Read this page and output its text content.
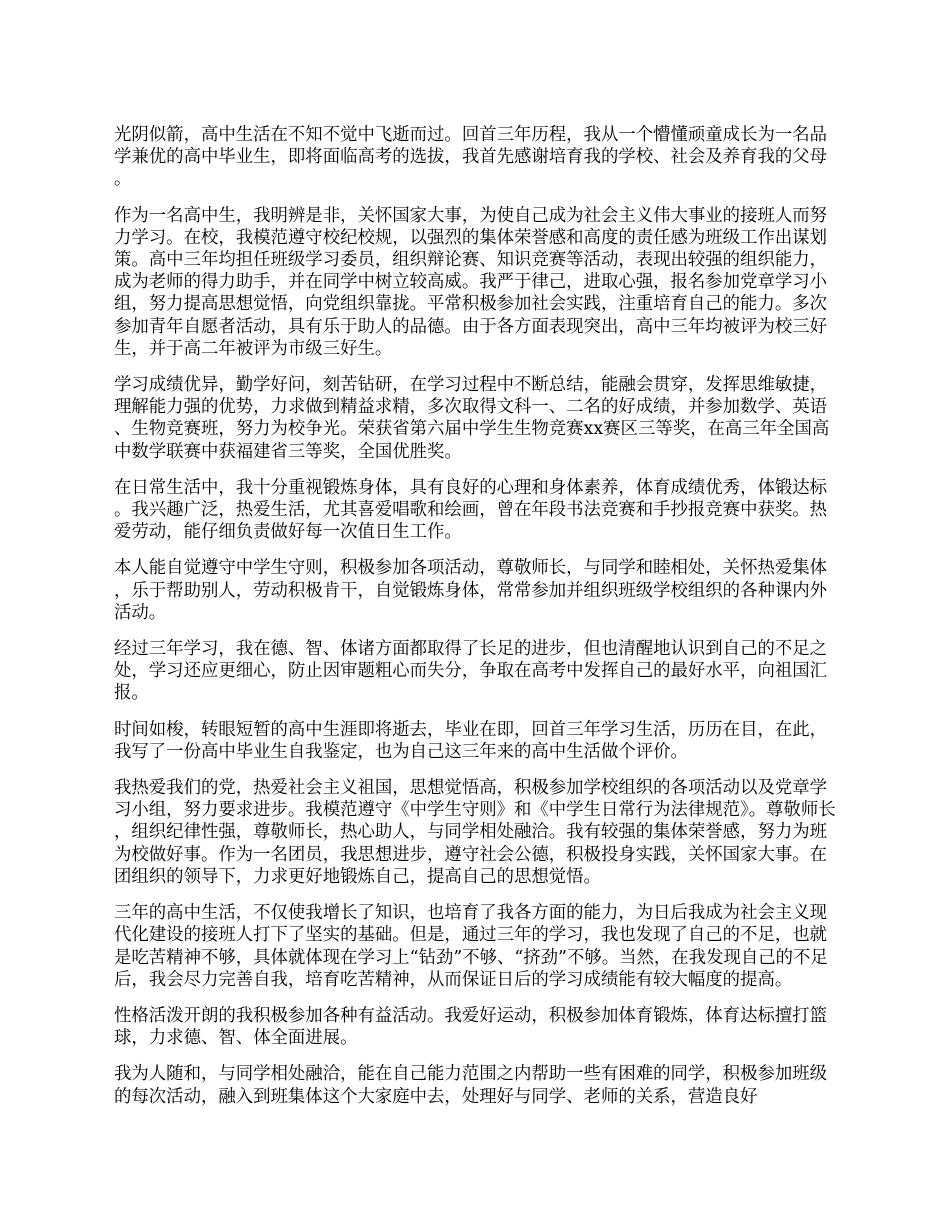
光阴似箭，高中生活在不知不觉中飞逝而过。回首三年历程，我从一个懵懂顽童成长为一名品学兼优的高中毕业生，即将面临高考的选拔，我首先感谢培育我的学校、社会及养育我的父母。

作为一名高中生，我明辨是非，关怀国家大事，为使自己成为社会主义伟大事业的接班人而努力学习。在校，我模范遵守校纪校规，以强烈的集体荣誉感和高度的责任感为班级工作出谋划策。高中三年均担任班级学习委员，组织辩论赛、知识竞赛等活动，表现出较强的组织能力，成为老师的得力助手，并在同学中树立较高威。我严于律己，进取心强，报名参加党章学习小组，努力提高思想觉悟，向党组织靠拢。平常积极参加社会实践，注重培育自己的能力。多次参加青年自愿者活动，具有乐于助人的品德。由于各方面表现突出，高中三年均被评为校三好生，并于高二年被评为市级三好生。

学习成绩优异，勤学好问，刻苦钻研，在学习过程中不断总结，能融会贯穿，发挥思维敏捷，理解能力强的优势，力求做到精益求精，多次取得文科一、二名的好成绩，并参加数学、英语、生物竞赛班，努力为校争光。荣获省第六届中学生生物竞赛xx赛区三等奖，在高三年全国高中数学联赛中获福建省三等奖，全国优胜奖。

在日常生活中，我十分重视锻炼身体，具有良好的心理和身体素养，体育成绩优秀，体锻达标。我兴趣广泛，热爱生活，尤其喜爱唱歌和绘画，曾在年段书法竞赛和手抄报竞赛中获奖。热爱劳动，能仔细负责做好每一次值日生工作。

本人能自觉遵守中学生守则，积极参加各项活动，尊敬师长，与同学和睦相处，关怀热爱集体，乐于帮助别人，劳动积极肯干，自觉锻炼身体，常常参加并组织班级学校组织的各种课内外活动。

经过三年学习，我在德、智、体诸方面都取得了长足的进步，但也清醒地认识到自己的不足之处，学习还应更细心，防止因审题粗心而失分，争取在高考中发挥自己的最好水平，向祖国汇报。

时间如梭，转眼短暂的高中生涯即将逝去，毕业在即，回首三年学习生活，历历在目，在此，我写了一份高中毕业生自我鉴定，也为自己这三年来的高中生活做个评价。

我热爱我们的党，热爱社会主义祖国，思想觉悟高，积极参加学校组织的各项活动以及党章学习小组，努力要求进步。我模范遵守《中学生守则》和《中学生日常行为法律规范》。尊敬师长，组织纪律性强，尊敬师长，热心助人，与同学相处融洽。我有较强的集体荣誉感，努力为班为校做好事。作为一名团员，我思想进步，遵守社会公德，积极投身实践，关怀国家大事。在团组织的领导下，力求更好地锻炼自己，提高自己的思想觉悟。

三年的高中生活，不仅使我增长了知识，也培育了我各方面的能力，为日后我成为社会主义现代化建设的接班人打下了坚实的基础。但是，通过三年的学习，我也发现了自己的不足，也就是吃苦精神不够，具体就体现在学习上“钻劲”不够、“挤劲”不够。当然，在我发现自己的不足后，我会尽力完善自我，培育吃苦精神，从而保证日后的学习成绩能有较大幅度的提高。

性格活泼开朗的我积极参加各种有益活动。我爱好运动，积极参加体育锻炼，体育达标擅打篮球，力求德、智、体全面进展。

我为人随和，与同学相处融洽，能在自己能力范围之内帮助一些有困难的同学，积极参加班级的每次活动，融入到班集体这个大家庭中去，处理好与同学、老师的关系，营造良好
